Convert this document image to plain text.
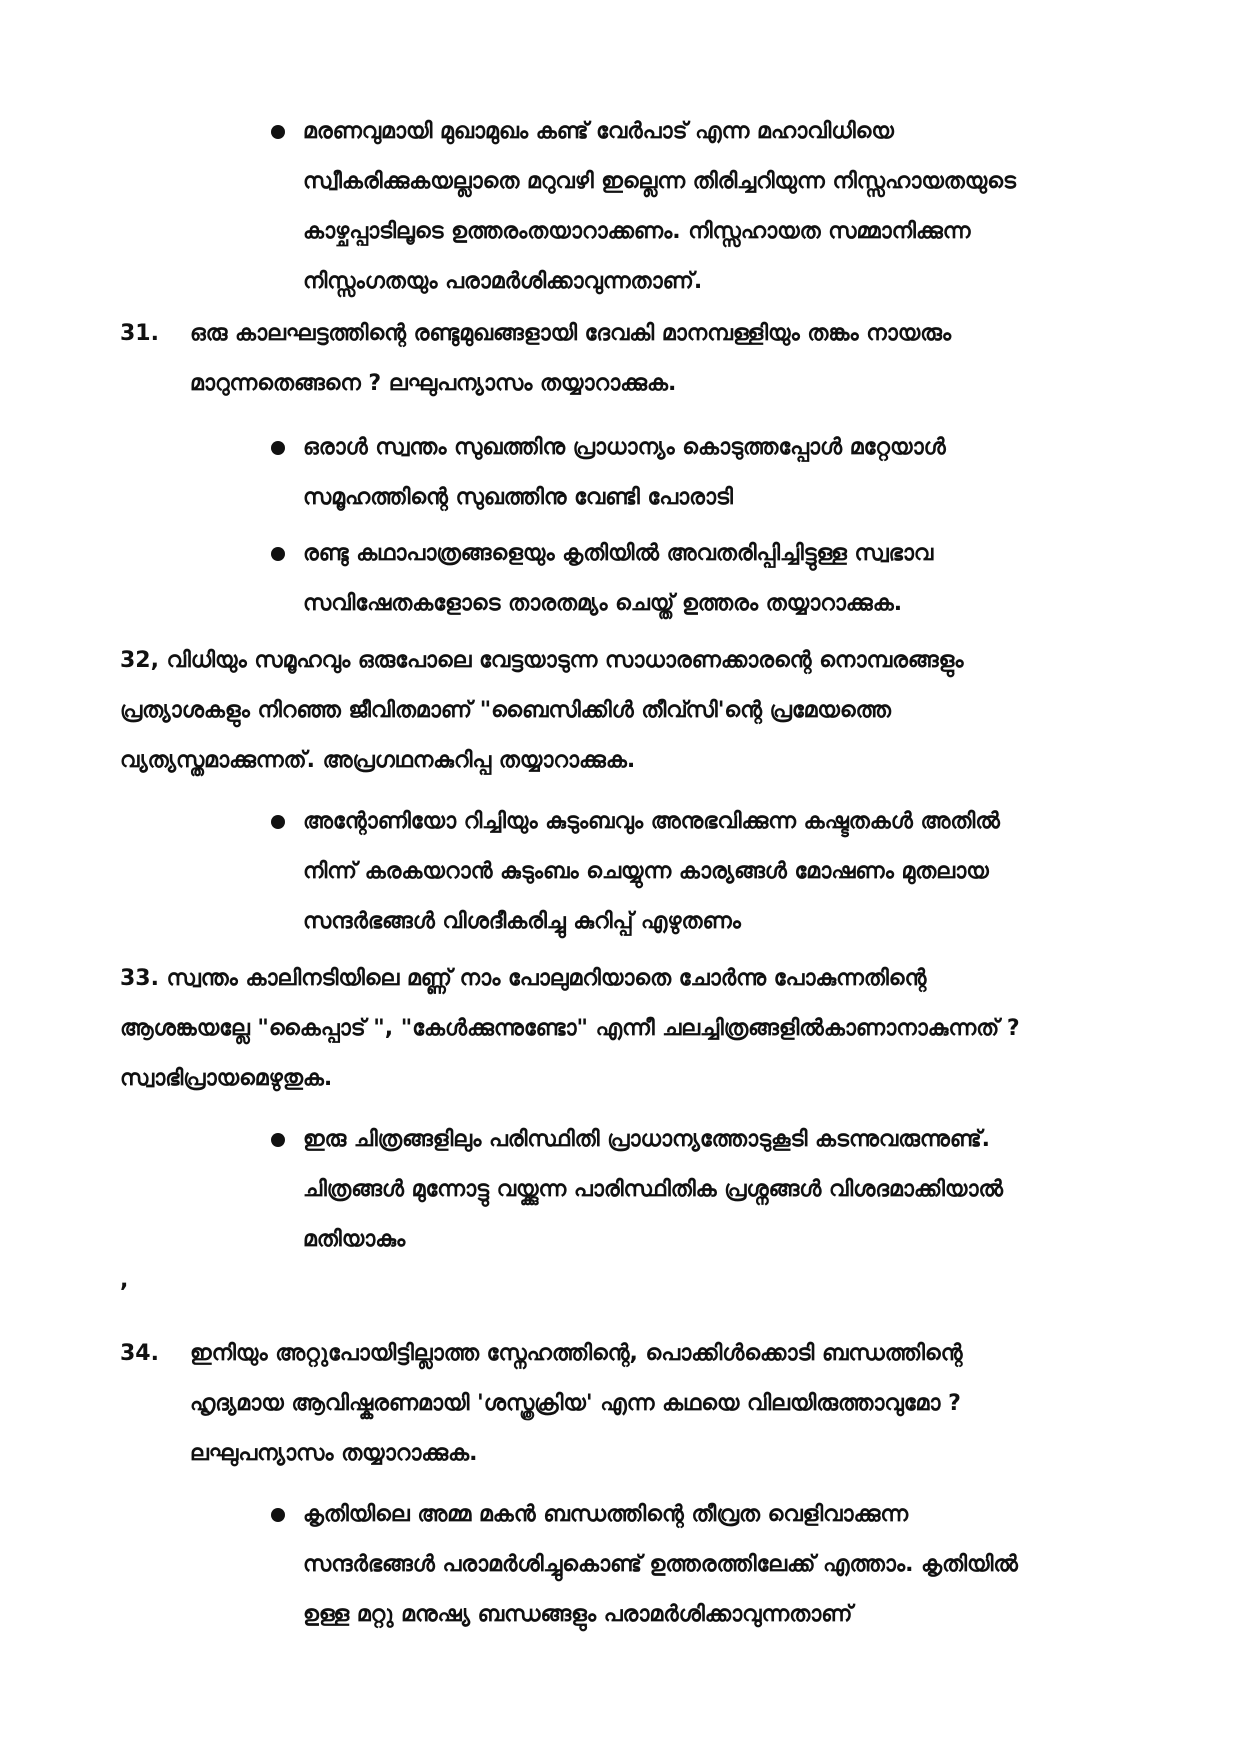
മരണവുമായി മുഖാമുഖം കണ്ട് വേർപാട് എന്ന മഹാവിധിയെ
സ്വീകരിക്കുകയല്ലാതെ മറുവഴി ഇല്ലെന്ന തിരിച്ചറിയുന്ന നിസ്സഹായതയുടെ
കാഴ്ചപ്പാടിലൂടെ ഉത്തരംതയാറാക്കണം. നിസ്സഹായത സമ്മാനിക്കുന്ന
നിസ്സംഗതയും പരാമർശിക്കാവുന്നതാണ്.
31. ഒരു കാലഘട്ടത്തിന്റെ രണ്ടുമുഖങ്ങളായി ദേവകി മാനമ്പള്ളിയും തങ്കം നായരും
മാറുന്നതെങ്ങനെ ? ലഘുപന്യാസം തയ്യാറാക്കുക.
ഒരാൾ സ്വന്തം സുഖത്തിനു പ്രാധാന്യം കൊടുത്തപ്പോൾ മറ്റേയാൾ
സമൂഹത്തിന്റെ സുഖത്തിനു വേണ്ടി പോരാടി
രണ്ടു കഥാപാത്രങ്ങളെയും കൃതിയിൽ അവതരിപ്പിച്ചിട്ടുള്ള സ്വഭാവ
സവിഷേതകളോടെ താരതമ്യം ചെയ്ത് ഉത്തരം തയ്യാറാക്കുക.
32, വിധിയും സമൂഹവും ഒരുപോലെ വേട്ടയാടുന്ന സാധാരണക്കാരന്റെ നൊമ്പരങ്ങളും
പ്രത്യാശകളും നിറഞ്ഞ ജീവിതമാണ് "ബൈസിക്കിൾ തീവ്സി'ന്റെ പ്രമേയത്തെ
വ്യത്യസ്തമാക്കുന്നത്. അപ്രഗഥനകുറിപ്പ തയ്യാറാക്കുക.
അന്റോണിയോ റിച്ചിയും കുടുംബവും അനുഭവിക്കുന്ന കഷ്ടതകൾ അതിൽ
നിന്ന് കരകയറാൻ കുടുംബം ചെയ്യുന്ന കാര്യങ്ങൾ മോഷണം മുതലായ
സന്ദർഭങ്ങൾ വിശദീകരിച്ചു കുറിപ്പ് എഴുതണം
33. സ്വന്തം കാലിനടിയിലെ മണ്ണ് നാം പോലുമറിയാതെ ചോർന്നു പോകുന്നതിന്റെ
ആശങ്കയല്ലേ "കൈപ്പാട് ", "കേൾക്കുന്നുണ്ടോ" എന്നീ ചലച്ചിത്രങ്ങളിൽകാണാനാകുന്നത് ?
സ്വാഭിപ്രായമെഴുതുക.
ഇരു ചിത്രങ്ങളിലും പരിസ്ഥിതി പ്രാധാന്യത്തോടുകൂടി കടന്നുവരുന്നുണ്ട്.
ചിത്രങ്ങൾ മുന്നോട്ടു വയ്ക്കുന്ന പാരിസ്ഥിതിക പ്രശ്നങ്ങൾ വിശദമാക്കിയാൽ
മതിയാകും
,
34. ഇനിയും അറ്റുപോയിട്ടില്ലാത്ത സ്നേഹത്തിന്റെ, പൊക്കിൾക്കൊടി ബന്ധത്തിന്റെ
ഹൃദ്യമായ ആവിഷ്കരണമായി 'ശസ്ത്രക്രിയ' എന്ന കഥയെ വിലയിരുത്താവുമോ ?
ലഘുപന്യാസം തയ്യാറാക്കുക.
കൃതിയിലെ അമ്മ മകൻ ബന്ധത്തിന്റെ തീവ്രത വെളിവാക്കുന്ന
സന്ദർഭങ്ങൾ പരാമർശിച്ചുകൊണ്ട് ഉത്തരത്തിലേക്ക് എത്താം. കൃതിയിൽ
ഉള്ള മറ്റു മനുഷ്യ ബന്ധങ്ങളും പരാമർശിക്കാവുന്നതാണ്
